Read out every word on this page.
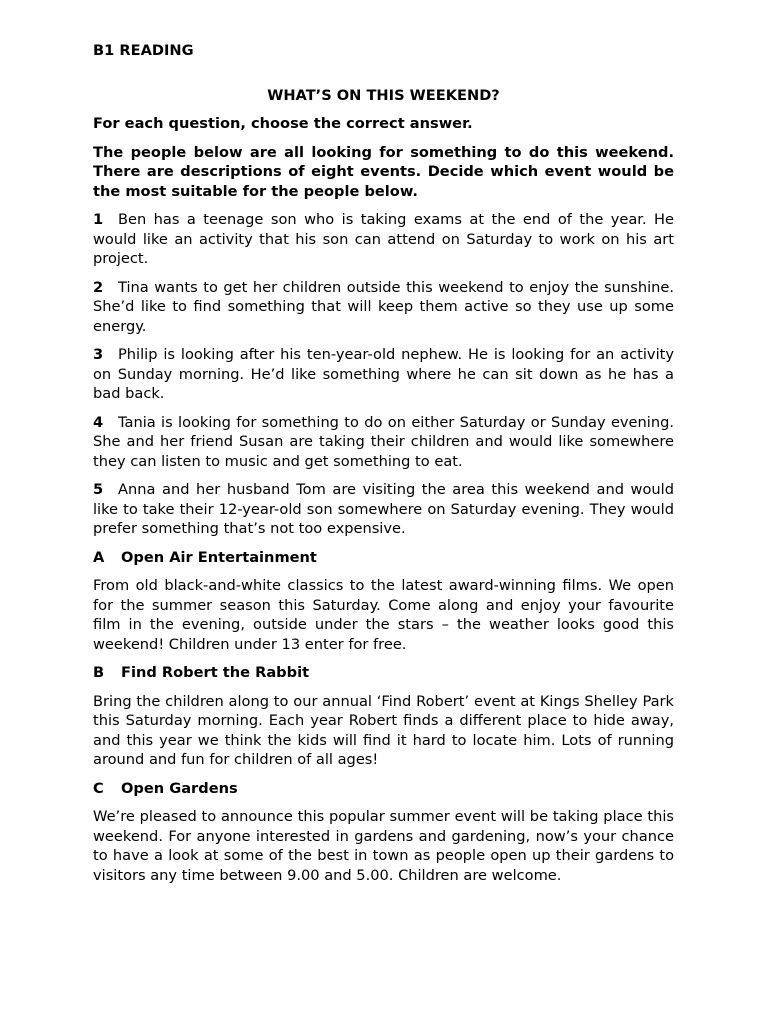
B1 READING

WHAT’S ON THIS WEEKEND?

For each question, choose the correct answer.

The people below are all looking for something to do this weekend. There are descriptions of eight events. Decide which event would be the most suitable for the people below.

1 Ben has a teenage son who is taking exams at the end of the year. He would like an activity that his son can attend on Saturday to work on his art project.

2 Tina wants to get her children outside this weekend to enjoy the sunshine. She’d like to find something that will keep them active so they use up some energy.

3 Philip is looking after his ten-year-old nephew. He is looking for an activity on Sunday morning. He’d like something where he can sit down as he has a bad back.

4 Tania is looking for something to do on either Saturday or Sunday evening. She and her friend Susan are taking their children and would like somewhere they can listen to music and get something to eat.

5 Anna and her husband Tom are visiting the area this weekend and would like to take their 12-year-old son somewhere on Saturday evening. They would prefer something that’s not too expensive.

A Open Air Entertainment

From old black-and-white classics to the latest award-winning films. We open for the summer season this Saturday. Come along and enjoy your favourite film in the evening, outside under the stars – the weather looks good this weekend! Children under 13 enter for free.

B Find Robert the Rabbit

Bring the children along to our annual ‘Find Robert’ event at Kings Shelley Park this Saturday morning. Each year Robert finds a different place to hide away, and this year we think the kids will find it hard to locate him. Lots of running around and fun for children of all ages!

C Open Gardens

We’re pleased to announce this popular summer event will be taking place this weekend. For anyone interested in gardens and gardening, now’s your chance to have a look at some of the best in town as people open up their gardens to visitors any time between 9.00 and 5.00. Children are welcome.
